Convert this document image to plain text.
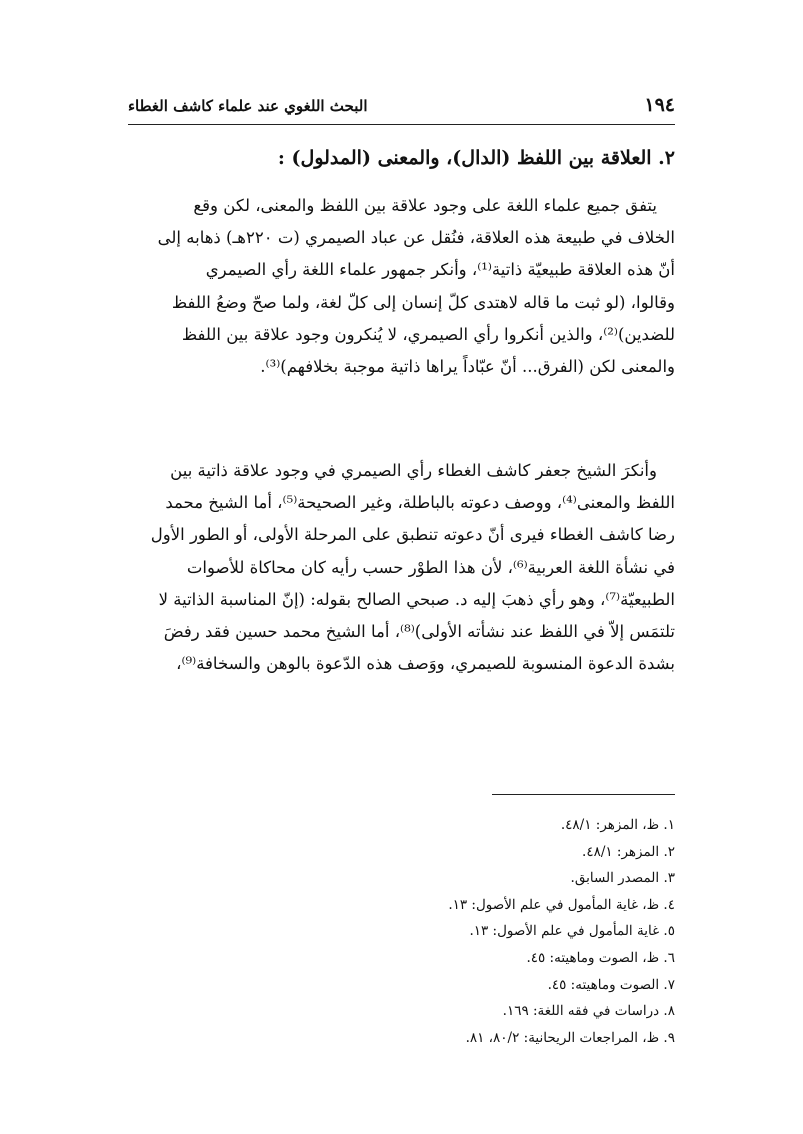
١٩٤
البحث اللغوي عند علماء كاشف الغطاء
٢. العلاقة بين اللفظ (الدال)، والمعنى (المدلول) :
يتفق جميع علماء اللغة على وجود علاقة بين اللفظ والمعنى، لكن وقع
الخلاف في طبيعة هذه العلاقة، فنُقل عن عباد الصيمري (ت ٢٢٠هـ) ذهابه إلى
أنّ هذه العلاقة طبيعيّة ذاتية⁽¹⁾، وأنكر جمهور علماء اللغة رأي الصيمري
وقالوا، (لو ثبت ما قاله لاهتدى كلّ إنسان إلى كلّ لغة، ولما صحّ وضعُ اللفظ
للضدين)⁽²⁾، والذين أنكروا رأي الصيمري، لا يُنكرون وجود علاقة بين اللفظ
والمعنى لكن (الفرق... أنّ عبّاداً يراها ذاتية موجبة بخلافهم)⁽³⁾.
وأنكرَ الشيخ جعفر كاشف الغطاء رأي الصيمري في وجود علاقة ذاتية بين
اللفظ والمعنى⁽⁴⁾، ووصف دعوته بالباطلة، وغير الصحيحة⁽⁵⁾، أما الشيخ محمد
رضا كاشف الغطاء فيرى أنّ دعوته تنطبق على المرحلة الأولى، أو الطور الأول
في نشأة اللغة العربية⁽⁶⁾، لأن هذا الطوْر حسب رأيه كان محاكاة للأصوات
الطبيعيّة⁽⁷⁾، وهو رأي ذهبَ إليه د. صبحي الصالح بقوله: (إنّ المناسبة الذاتية لا
تلتمَس إلاّ في اللفظ عند نشأته الأولى)⁽⁸⁾، أما الشيخ محمد حسين فقد رفضَ
بشدة الدعوة المنسوبة للصيمري، ووَصف هذه الدّعوة بالوهن والسخافة⁽⁹⁾،
١. ظ، المزهر: ٤٨/١.
٢. المزهر: ٤٨/١.
٣. المصدر السابق.
٤. ظ، غاية المأمول في علم الأصول: ١٣.
٥. غاية المأمول في علم الأصول: ١٣.
٦. ظ، الصوت وماهيته: ٤٥.
٧. الصوت وماهيته: ٤٥.
٨. دراسات في فقه اللغة: ١٦٩.
٩. ظ، المراجعات الريحانية: ٨٠/٢، ٨١.
